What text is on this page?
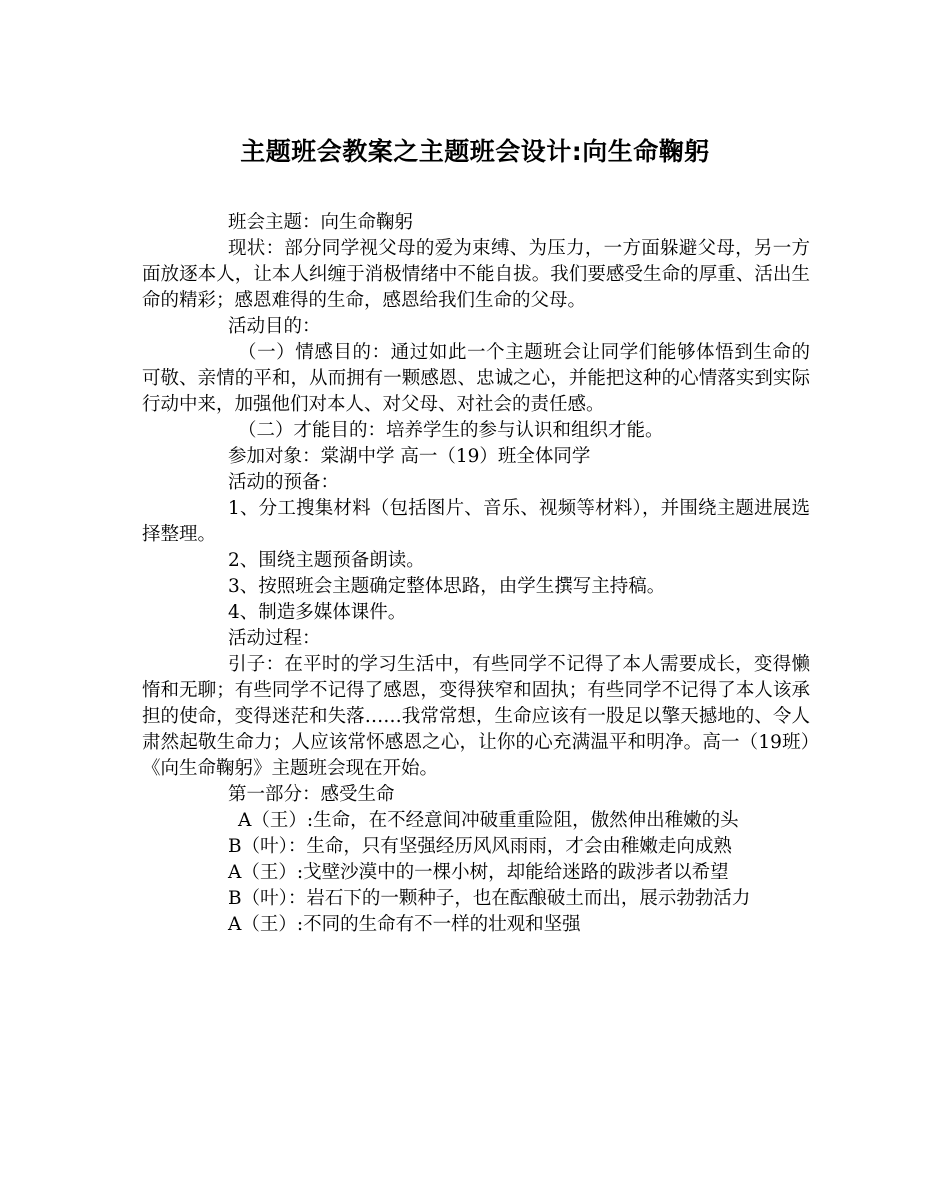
主题班会教案之主题班会设计:向生命鞠躬

班会主题：向生命鞠躬

现状：部分同学视父母的爱为束缚、为压力，一方面躲避父母，另一方面放逐本人，让本人纠缠于消极情绪中不能自拔。我们要感受生命的厚重、活出生命的精彩；感恩难得的生命，感恩给我们生命的父母。

活动目的：

（一）情感目的：通过如此一个主题班会让同学们能够体悟到生命的可敬、亲情的平和，从而拥有一颗感恩、忠诚之心，并能把这种的心情落实到实际行动中来，加强他们对本人、对父母、对社会的责任感。

（二）才能目的：培养学生的参与认识和组织才能。

参加对象：棠湖中学 高一（19）班全体同学

活动的预备：

1、分工搜集材料（包括图片、音乐、视频等材料），并围绕主题进展选择整理。

2、围绕主题预备朗读。

3、按照班会主题确定整体思路，由学生撰写主持稿。

4、制造多媒体课件。

活动过程：

引子：在平时的学习生活中，有些同学不记得了本人需要成长，变得懒惰和无聊；有些同学不记得了感恩，变得狭窄和固执；有些同学不记得了本人该承担的使命，变得迷茫和失落……我常常想，生命应该有一股足以擎天撼地的、令人肃然起敬生命力；人应该常怀感恩之心，让你的心充满温平和明净。高一（19班）《向生命鞠躬》主题班会现在开始。

第一部分：感受生命

A（王）:生命，在不经意间冲破重重险阻，傲然伸出稚嫩的头

B（叶）：生命，只有坚强经历风风雨雨，才会由稚嫩走向成熟

A（王）:戈壁沙漠中的一棵小树，却能给迷路的跋涉者以希望

B（叶）：岩石下的一颗种子，也在酝酿破土而出，展示勃勃活力

A（王）:不同的生命有不一样的壮观和坚强
